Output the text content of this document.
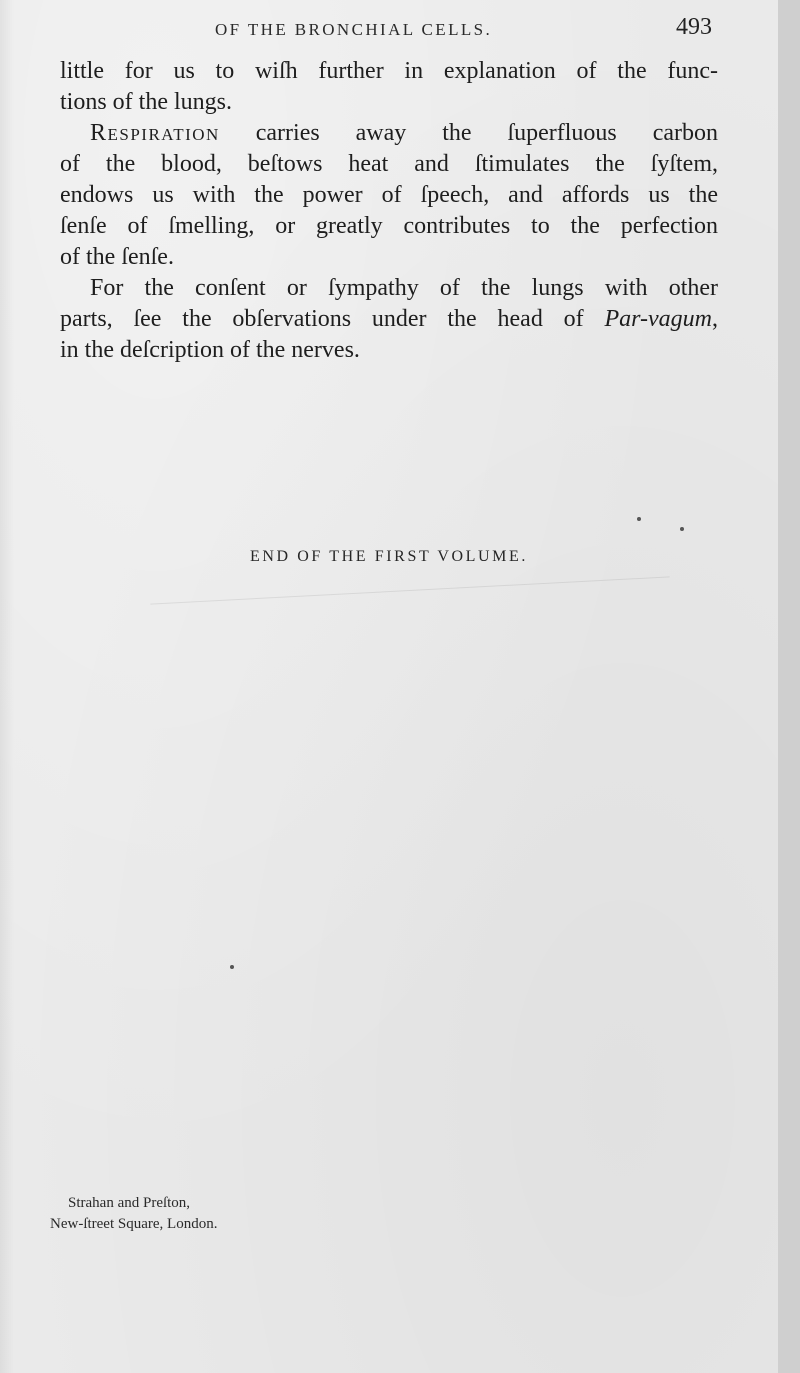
OF THE BRONCHIAL CELLS.	493

little for us to wiſh further in explanation of the func-
tions of the lungs.

Respiration carries away the ſuperfluous carbon
of the blood, beſtows heat and ſtimulates the ſyſtem,
endows us with the power of ſpeech, and affords us the
ſenſe of ſmelling, or greatly contributes to the perfection
of the ſenſe.

For the conſent or ſympathy of the lungs with other
parts, ſee the obſervations under the head of Par-vagum,
in the deſcription of the nerves.

END OF THE FIRST VOLUME.
Strahan and Preſton,
New-ſtreet Square, London.
